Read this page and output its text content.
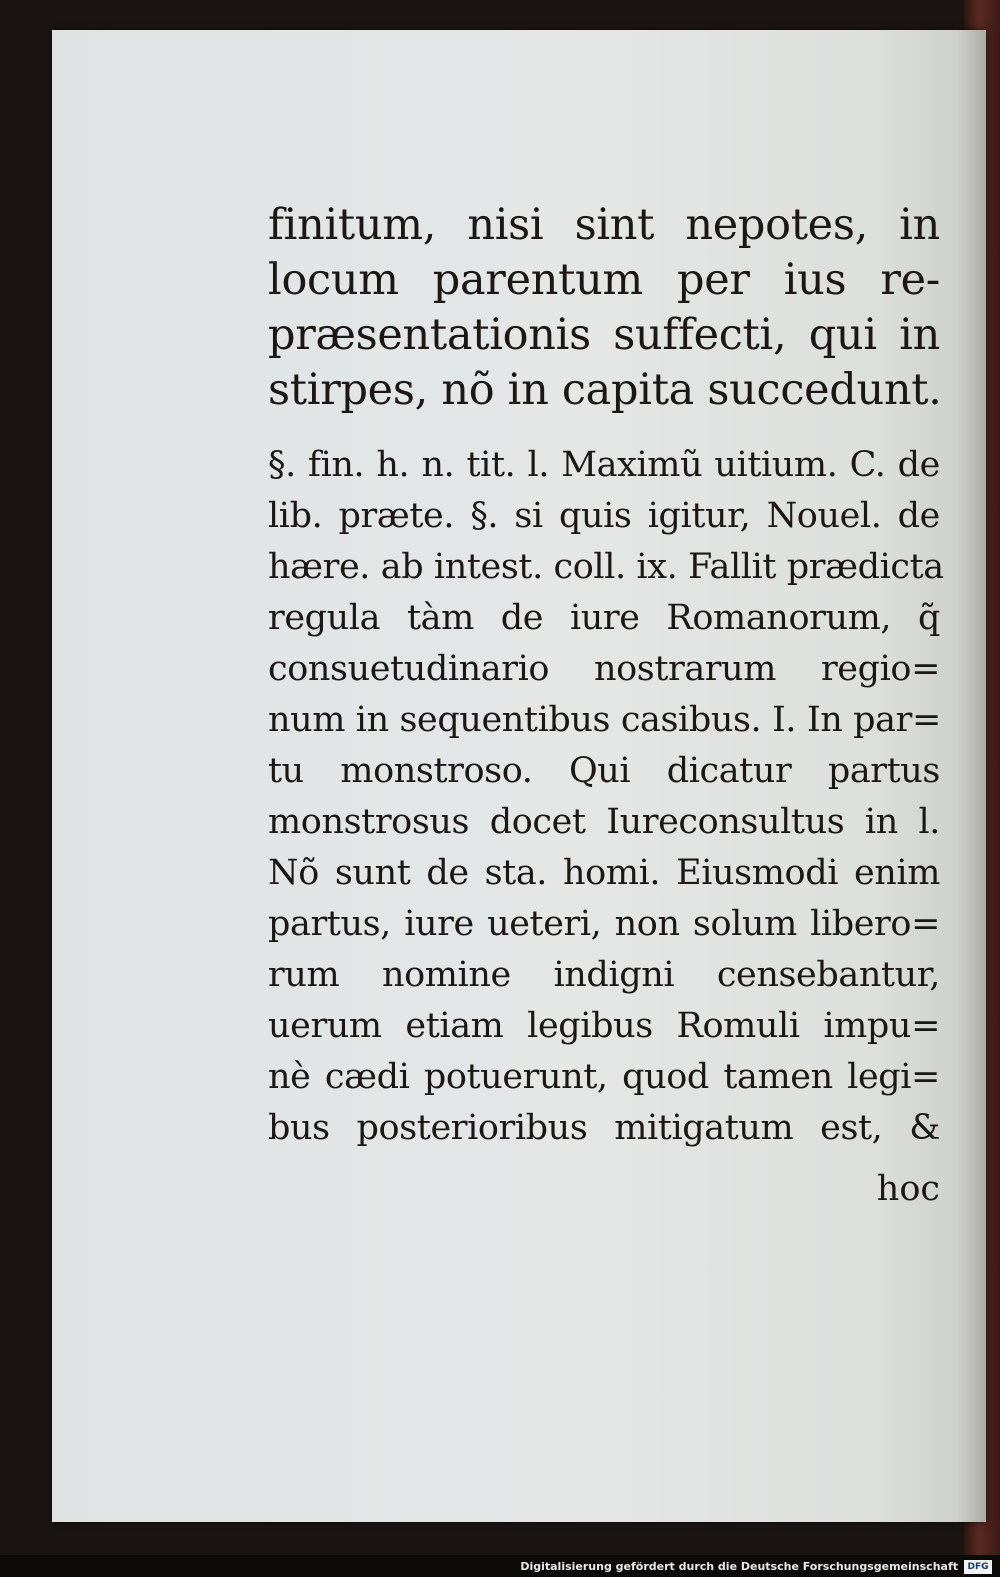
finitum, nisi sint nepotes, in
locum parentum per ius re-
præsentationis suffecti, qui in
stirpes, nõ in capita succedunt.
§. fin. h. n. tit. l. Maximũ uitium. C. de
lib. præte. §. si quis igitur, Nouel. de
hære. ab intest. coll. ix. Fallit prædicta
regula tàm de iure Romanorum, q̃
consuetudinario nostrarum regio=
num in sequentibus casibus. I. In par=
tu monstroso. Qui dicatur partus
monstrosus docet Iureconsultus in l.
Nõ sunt de sta. homi. Eiusmodi enim
partus, iure ueteri, non solum libero=
rum nomine indigni censebantur,
uerum etiam legibus Romuli impu=
nè cædi potuerunt, quod tamen legi=
bus posterioribus mitigatum est, &
hoc
Digitalisierung gefördert durch die Deutsche Forschungsgemeinschaft	DFG
